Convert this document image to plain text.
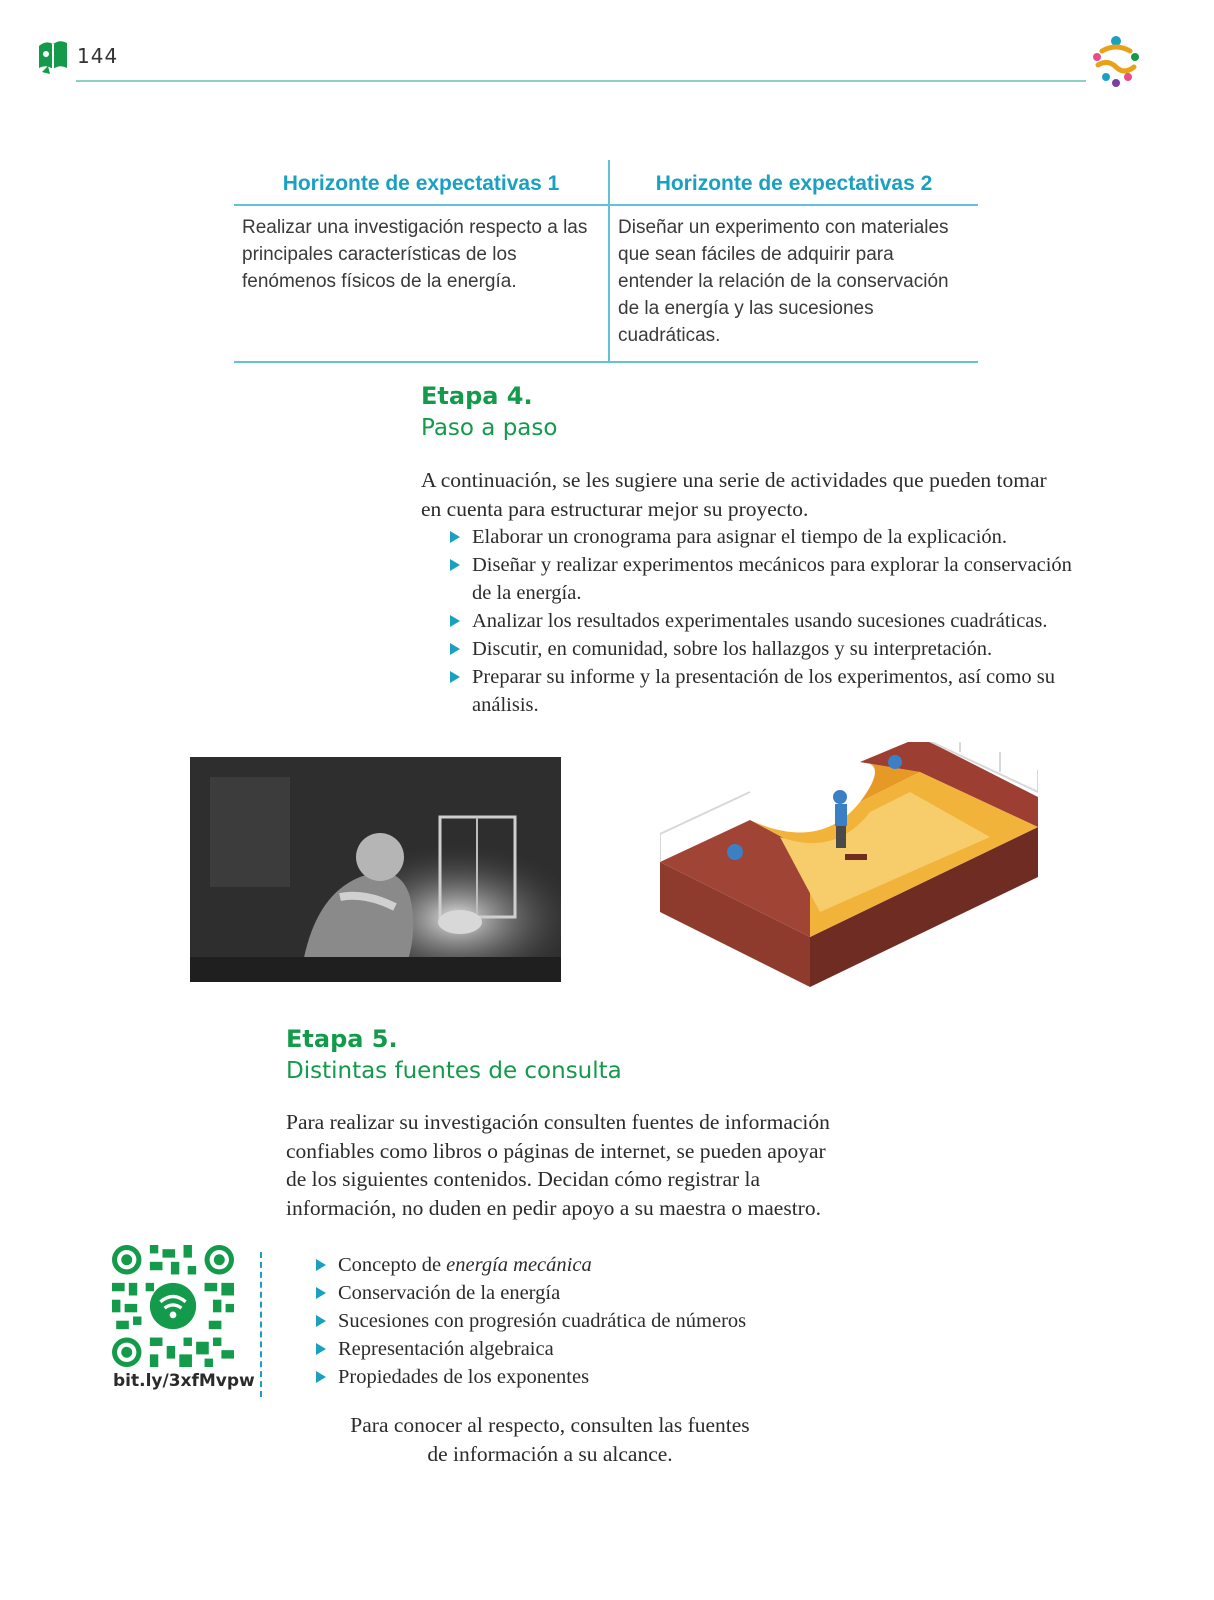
144
Horizonte de expectativas 1	Horizonte de expectativas 2
Realizar una investigación respecto a las principales características de los fenómenos físicos de la energía.	Diseñar un experimento con materiales que sean fáciles de adquirir para entender la relación de la conservación de la energía y las sucesiones cuadráticas.
Etapa 4.
Paso a paso
A continuación, se les sugiere una serie de actividades que pueden tomar en cuenta para estructurar mejor su proyecto.
Elaborar un cronograma para asignar el tiempo de la explicación.
Diseñar y realizar experimentos mecánicos para explorar la conservación de la energía.
Analizar los resultados experimentales usando sucesiones cuadráticas.
Discutir, en comunidad, sobre los hallazgos y su interpretación.
Preparar su informe y la presentación de los experimentos, así como su análisis.
Etapa 5.
Distintas fuentes de consulta
Para realizar su investigación consulten fuentes de información confiables como libros o páginas de internet, se pueden apoyar de los siguientes contenidos. Decidan cómo registrar la información, no duden en pedir apoyo a su maestra o maestro.
Concepto de energía mecánica
Conservación de la energía
Sucesiones con progresión cuadrática de números
Representación algebraica
Propiedades de los exponentes
bit.ly/3xfMvpw
Para conocer al respecto, consulten las fuentes de información a su alcance.
